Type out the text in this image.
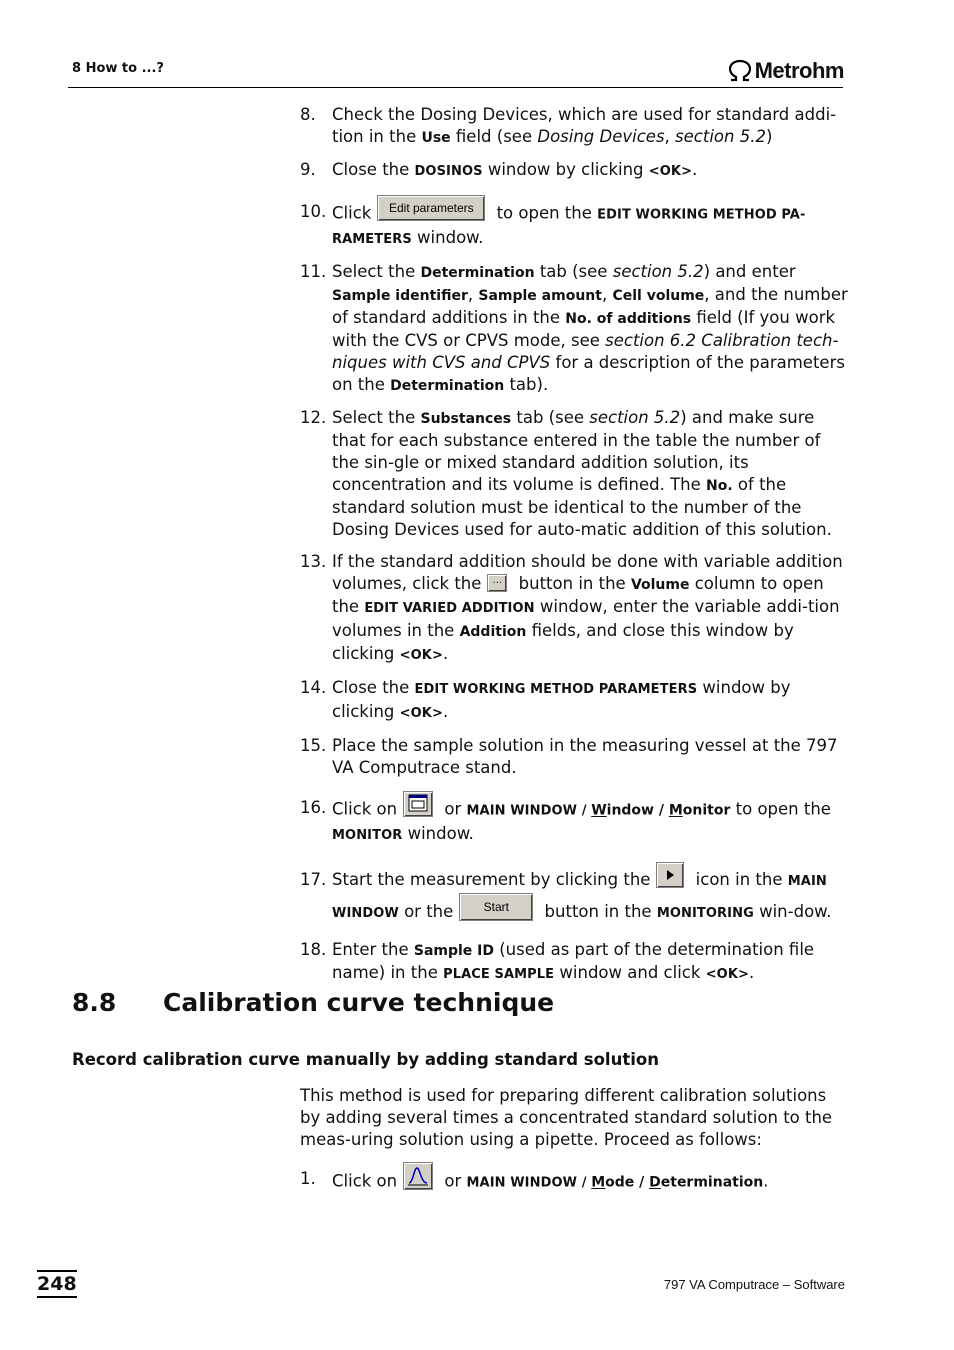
8 How to ...?	Metrohm
8. Check the Dosing Devices, which are used for standard addi-tion in the Use field (see Dosing Devices, section 5.2)
9. Close the DOSINOS window by clicking <OK>.
10. Click Edit parameters to open the EDIT WORKING METHOD PA-RAMETERS window.
11. Select the Determination tab (see section 5.2) and enter Sample identifier, Sample amount, Cell volume, and the number of standard additions in the No. of additions field (If you work with the CVS or CPVS mode, see section 6.2 Calibration tech-niques with CVS and CPVS for a description of the parameters on the Determination tab).
12. Select the Substances tab (see section 5.2) and make sure that for each substance entered in the table the number of the sin-gle or mixed standard addition solution, its concentration and its volume is defined. The No. of the standard solution must be identical to the number of the Dosing Devices used for auto-matic addition of this solution.
13. If the standard addition should be done with variable addition volumes, click the ... button in the Volume column to open the EDIT VARIED ADDITION window, enter the variable addi-tion volumes in the Addition fields, and close this window by clicking <OK>.
14. Close the EDIT WORKING METHOD PARAMETERS window by clicking <OK>.
15. Place the sample solution in the measuring vessel at the 797 VA Computrace stand.
16. Click on	or MAIN WINDOW / Window / Monitor to open the MONITOR window.
17. Start the measurement by clicking the icon in the MAIN WINDOW or the	Start button in the MONITORING win-dow.
18. Enter the Sample ID (used as part of the determination file name) in the PLACE SAMPLE window and click <OK>.
8.8 Calibration curve technique
Record calibration curve manually by adding standard solution
This method is used for preparing different calibration solutions by adding several times a concentrated standard solution to the meas-uring solution using a pipette. Proceed as follows:
1. Click on	or MAIN WINDOW / Mode / Determination.
248	797 VA Computrace – Software
